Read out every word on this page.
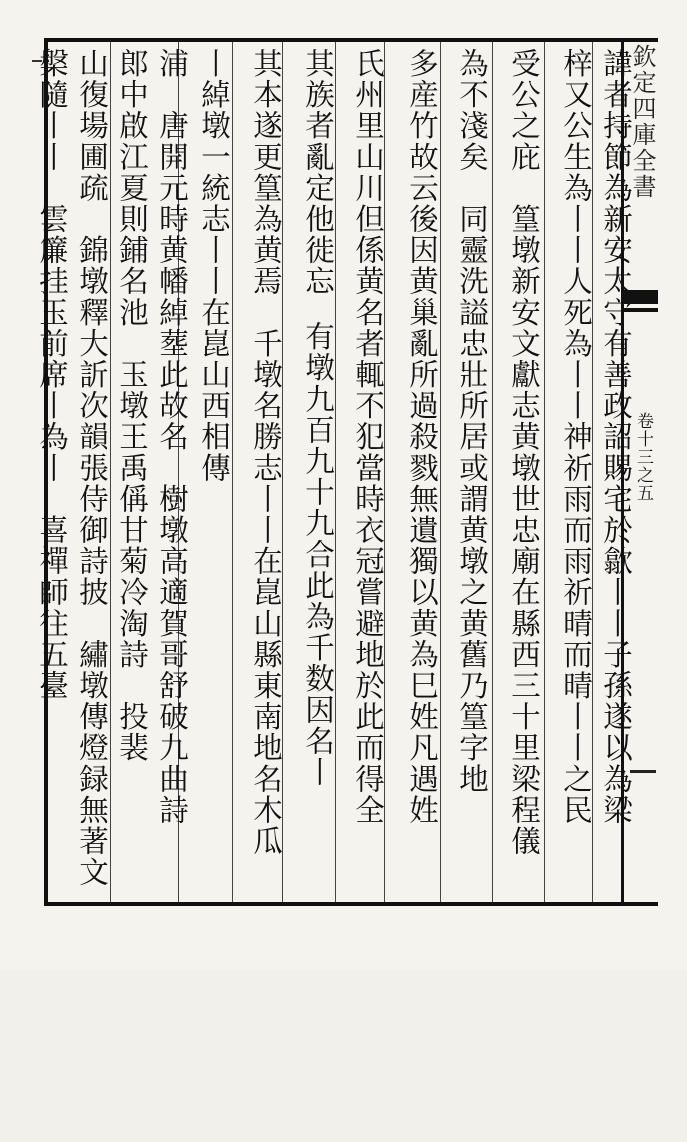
欽定四庫全書
卷十三之五
諱者持節為新安太守有善政詔賜宅於歙丨丨子孫遂以為梁
梓又公生為丨丨人死為丨丨神祈雨而雨祈晴而晴丨丨之民
受公之庇　篁墩新安文獻志黄墩世忠廟在縣西三十里梁程儀
為不淺矣　同靈洗謚忠壯所居或謂黄墩之黄舊乃篁字地
多産竹故云後因黄巢亂所過殺戮無遺獨以黄為巳姓凡遇姓
氏州里山川但係黄名者輒不犯當時衣冠嘗避地於此而得全
其族者亂定他徙忘
　有墩九百九十九合此為千数因名丨
其本遂更篁為黄焉　千墩名勝志丨丨在崑山縣東南地名木瓜
丨綽墩一統志丨丨在崑山西相傳
浦　唐開元時黄幡綽塟此故名　樹墩高適賀哥舒破九曲詩
郎中啟江夏則鋪名池　玉墩王禹偁甘菊冷淘詩　投裴
山復場圃疏　錦墩釋大訢次韻張侍御詩披　繡墩傳燈録無著文
槃隨丨丨　雲簾挂玉前席丨為丨　喜禪師往五臺
